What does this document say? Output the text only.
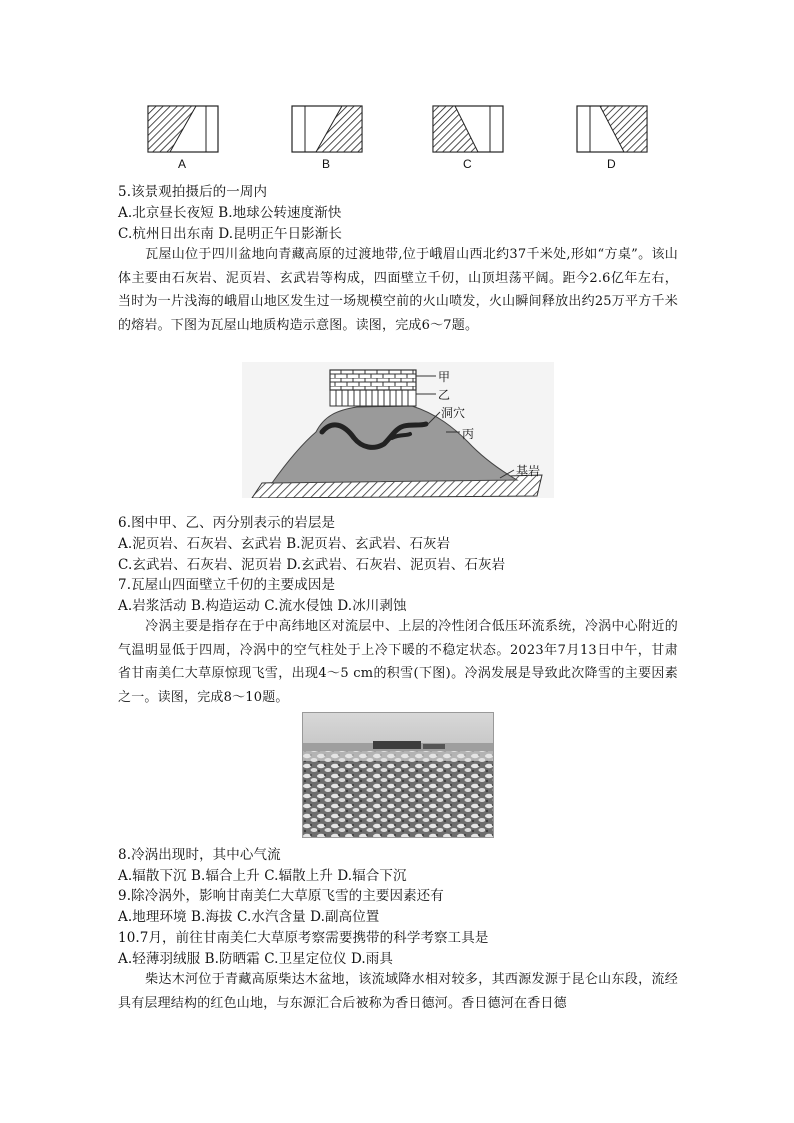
A	B	C	D
5.该景观拍摄后的一周内
A.北京昼长夜短 B.地球公转速度渐快
C.杭州日出东南 D.昆明正午日影渐长
瓦屋山位于四川盆地向青藏高原的过渡地带,位于峨眉山西北约37千米处,形如“方桌”。该山体主要由石灰岩、泥页岩、玄武岩等构成，四面壁立千仞，山顶坦荡平阔。距今2.6亿年左右，当时为一片浅海的峨眉山地区发生过一场规模空前的火山喷发，火山瞬间释放出约25万平方千米的熔岩。下图为瓦屋山地质构造示意图。读图，完成6～7题。
甲
乙
洞穴
丙
基岩
6.图中甲、乙、丙分别表示的岩层是
A.泥页岩、石灰岩、玄武岩 B.泥页岩、玄武岩、石灰岩
C.玄武岩、石灰岩、泥页岩 D.玄武岩、石灰岩、泥页岩、石灰岩
7.瓦屋山四面壁立千仞的主要成因是
A.岩浆活动 B.构造运动 C.流水侵蚀 D.冰川剥蚀
冷涡主要是指存在于中高纬地区对流层中、上层的冷性闭合低压环流系统，冷涡中心附近的气温明显低于四周，冷涡中的空气柱处于上冷下暖的不稳定状态。2023年7月13日中午，甘肃省甘南美仁大草原惊现飞雪，出现4～5 cm的积雪(下图)。冷涡发展是导致此次降雪的主要因素之一。读图，完成8～10题。
8.冷涡出现时，其中心气流
A.辐散下沉 B.辐合上升 C.辐散上升 D.辐合下沉
9.除冷涡外，影响甘南美仁大草原飞雪的主要因素还有
A.地理环境 B.海拔 C.水汽含量 D.副高位置
10.7月，前往甘南美仁大草原考察需要携带的科学考察工具是
A.轻薄羽绒服 B.防晒霜 C.卫星定位仪 D.雨具
柴达木河位于青藏高原柴达木盆地，该流域降水相对较多，其西源发源于昆仑山东段，流经具有层理结构的红色山地，与东源汇合后被称为香日德河。香日德河在香日德
